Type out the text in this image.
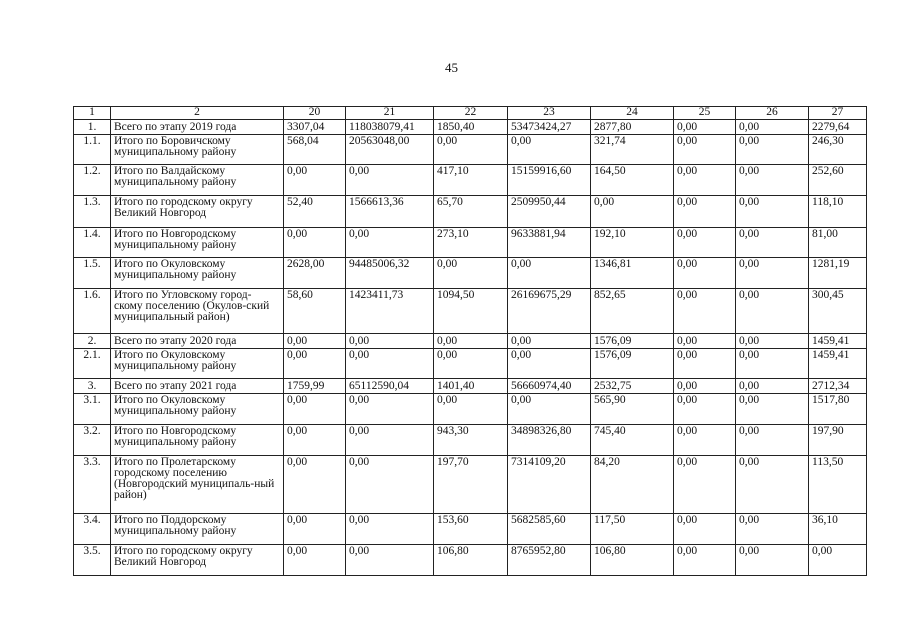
45
1	2	20	21	22	23	24	25	26	27
1.	Всего по этапу 2019 года	3307,04	118038079,41	1850,40	53473424,27	2877,80	0,00	0,00	2279,64
1.1.	Итого по Боровичскому муниципальному району	568,04	20563048,00	0,00	0,00	321,74	0,00	0,00	246,30
1.2.	Итого по Валдайскому муниципальному району	0,00	0,00	417,10	15159916,60	164,50	0,00	0,00	252,60
1.3.	Итого по городскому округу Великий Новгород	52,40	1566613,36	65,70	2509950,44	0,00	0,00	0,00	118,10
1.4.	Итого по Новгородскому муниципальному району	0,00	0,00	273,10	9633881,94	192,10	0,00	0,00	81,00
1.5.	Итого по Окуловскому муниципальному району	2628,00	94485006,32	0,00	0,00	1346,81	0,00	0,00	1281,19
1.6.	Итого по Угловскому город-скому поселению (Окулов-ский муниципальный район)	58,60	1423411,73	1094,50	26169675,29	852,65	0,00	0,00	300,45
2.	Всего по этапу 2020 года	0,00	0,00	0,00	0,00	1576,09	0,00	0,00	1459,41
2.1.	Итого по Окуловскому муниципальному району	0,00	0,00	0,00	0,00	1576,09	0,00	0,00	1459,41
3.	Всего по этапу 2021 года	1759,99	65112590,04	1401,40	56660974,40	2532,75	0,00	0,00	2712,34
3.1.	Итого по Окуловскому муниципальному району	0,00	0,00	0,00	0,00	565,90	0,00	0,00	1517,80
3.2.	Итого по Новгородскому муниципальному району	0,00	0,00	943,30	34898326,80	745,40	0,00	0,00	197,90
3.3.	Итого по Пролетарскому городскому поселению (Новгородский муниципаль-ный район)	0,00	0,00	197,70	7314109,20	84,20	0,00	0,00	113,50
3.4.	Итого по Поддорскому муниципальному району	0,00	0,00	153,60	5682585,60	117,50	0,00	0,00	36,10
3.5.	Итого по городскому округу Великий Новгород	0,00	0,00	106,80	8765952,80	106,80	0,00	0,00	0,00
